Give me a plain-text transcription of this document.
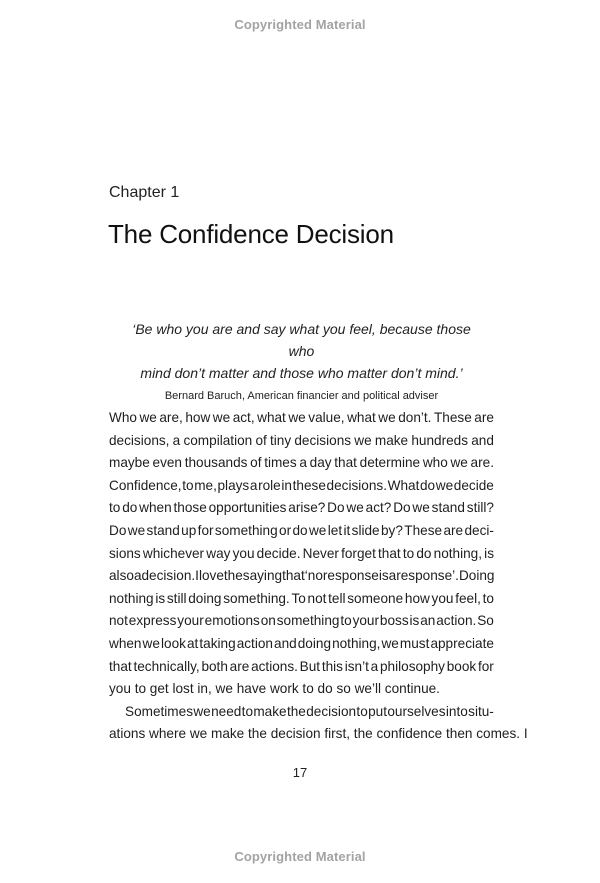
Copyrighted Material
Chapter 1
The Confidence Decision
‘Be who you are and say what you feel, because those who
mind don’t matter and those who matter don’t mind.’
Bernard Baruch, American financier and political adviser
Who we are, how we act, what we value, what we don’t. These are
decisions, a compilation of tiny decisions we make hundreds and
maybe even thousands of times a day that determine who we are.
Confidence, to me, plays a role in these decisions. What do we decide
to do when those opportunities arise? Do we act? Do we stand still?
Do we stand up for something or do we let it slide by? These are deci-
sions whichever way you decide. Never forget that to do nothing, is
also a decision. I love the saying that ‘no response is a response’. Doing
nothing is still doing something. To not tell someone how you feel, to
not express your emotions on something to your boss is an action. So
when we look at taking action and doing nothing, we must appreciate
that technically, both are actions. But this isn’t a philosophy book for
you to get lost in, we have work to do so we’ll continue.
Sometimes we need to make the decision to put ourselves into situ-
ations where we make the decision first, the confidence then comes. I
17
Copyrighted Material
